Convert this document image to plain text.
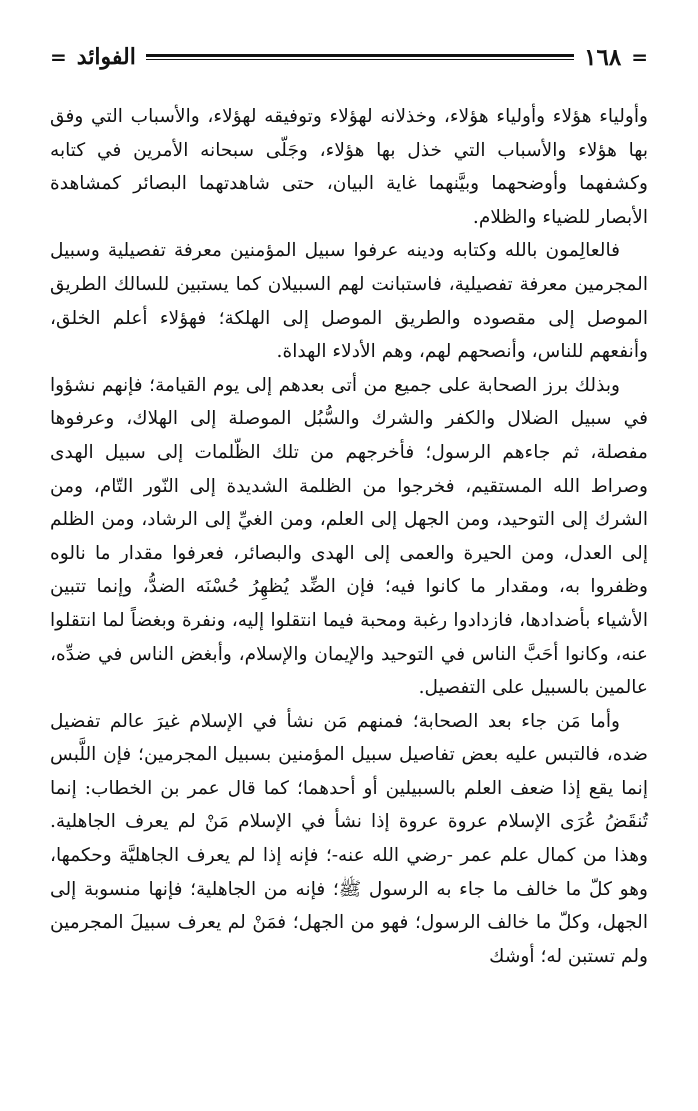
=
١٦٨
الفوائد
=

وأولياء هؤلاء وأولياء هؤلاء، وخذلانه لهؤلاء وتوفيقه لهؤلاء، والأسباب التي وفق بها هؤلاء والأسباب التي خذل بها هؤلاء، وجَلّى سبحانه الأمرين في كتابه وكشفهما وأوضحهما وبيَّنهما غاية البيان، حتى شاهدتهما البصائر كمشاهدة الأبصار للضياء والظلام.

فالعالِمون بالله وكتابه ودينه عرفوا سبيل المؤمنين معرفة تفصيلية وسبيل المجرمين معرفة تفصيلية، فاستبانت لهم السبيلان كما يستبين للسالك الطريق الموصل إلى مقصوده والطريق الموصل إلى الهلكة؛ فهؤلاء أعلم الخلق، وأنفعهم للناس، وأنصحهم لهم، وهم الأدلاء الهداة.

وبذلك برز الصحابة على جميع من أتى بعدهم إلى يوم القيامة؛ فإنهم نشؤوا في سبيل الضلال والكفر والشرك والسُّبُل الموصلة إلى الهلاك، وعرفوها مفصلة، ثم جاءهم الرسول؛ فأخرجهم من تلك الظّلمات إلى سبيل الهدى وصراط الله المستقيم، فخرجوا من الظلمة الشديدة إلى النّور التّام، ومن الشرك إلى التوحيد، ومن الجهل إلى العلم، ومن الغيِّ إلى الرشاد، ومن الظلم إلى العدل، ومن الحيرة والعمى إلى الهدى والبصائر، فعرفوا مقدار ما نالوه وظفروا به، ومقدار ما كانوا فيه؛ فإن الضِّد يُظهِرُ حُسْنَه الضدُّ، وإنما تتبين الأشياء بأضدادها، فازدادوا رغبة ومحبة فيما انتقلوا إليه، ونفرة وبغضاً لما انتقلوا عنه، وكانوا أحَبَّ الناس في التوحيد والإيمان والإسلام، وأبغض الناس في ضدِّه، عالمين بالسبيل على التفصيل.

وأما مَن جاء بعد الصحابة؛ فمنهم مَن نشأ في الإسلام غيرَ عالم تفضيل ضده، فالتبس عليه بعض تفاصيل سبيل المؤمنين بسبيل المجرمين؛ فإن اللَّبس إنما يقع إذا ضعف العلم بالسبيلين أو أحدهما؛ كما قال عمر بن الخطاب: إنما تُنقَضُ عُرَى الإسلام عروة عروة إذا نشأ في الإسلام مَنْ لم يعرف الجاهلية. وهذا من كمال علم عمر -رضي الله عنه-؛ فإنه إذا لم يعرف الجاهليَّة وحكمها، وهو كلّ ما خالف ما جاء به الرسول ﷺ؛ فإنه من الجاهلية؛ فإنها منسوبة إلى الجهل، وكلّ ما خالف الرسول؛ فهو من الجهل؛ فمَنْ لم يعرف سبيلَ المجرمين ولم تستبن له؛ أوشك
